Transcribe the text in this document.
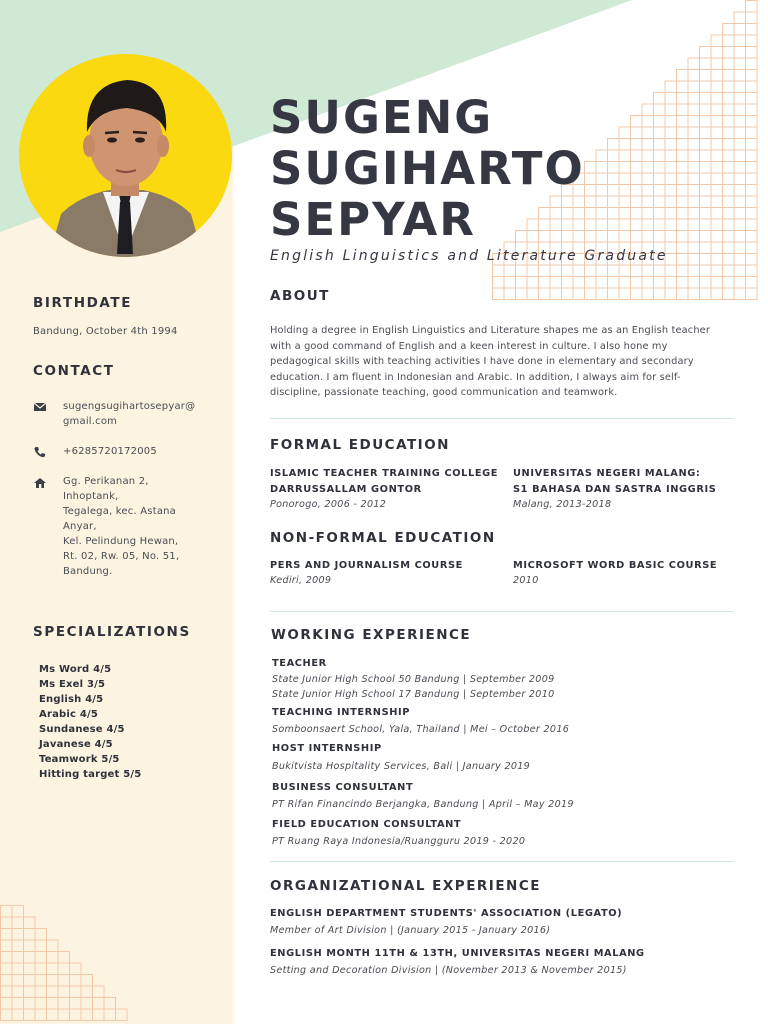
SUGENG
SUGIHARTO
SEPYAR
English Linguistics and Literature Graduate
BIRTHDATE
Bandung, October 4th 1994
CONTACT
sugengsugihartosepyar@
gmail.com
+6285720172005
Gg. Perikanan 2,
Inhoptank,
Tegalega, kec. Astana
Anyar,
Kel. Pelindung Hewan,
Rt. 02, Rw. 05, No. 51,
Bandung.
SPECIALIZATIONS
Ms Word 4/5
Ms Exel 3/5
English 4/5
Arabic 4/5
Sundanese 4/5
Javanese 4/5
Teamwork 5/5
Hitting target 5/5
ABOUT
Holding a degree in English Linguistics and Literature shapes me as an English teacher
with a good command of English and a keen interest in culture. I also hone my
pedagogical skills with teaching activities I have done in elementary and secondary
education. I am fluent in Indonesian and Arabic. In addition, I always aim for self-
discipline, passionate teaching, good communication and teamwork.
FORMAL EDUCATION
ISLAMIC TEACHER TRAINING COLLEGE
DARRUSSALLAM GONTOR
Ponorogo, 2006 - 2012
UNIVERSITAS NEGERI MALANG:
S1 BAHASA DAN SASTRA INGGRIS
Malang, 2013-2018
NON-FORMAL EDUCATION
PERS AND JOURNALISM COURSE
Kediri, 2009
MICROSOFT WORD BASIC COURSE
2010
WORKING EXPERIENCE
TEACHER
State Junior High School 50 Bandung | September 2009
State Junior High School 17 Bandung | September 2010
TEACHING INTERNSHIP
Somboonsaert School, Yala, Thailand | Mei – October 2016
HOST INTERNSHIP
Bukitvista Hospitality Services, Bali | January 2019
BUSINESS CONSULTANT
PT Rifan Financindo Berjangka, Bandung | April – May 2019
FIELD EDUCATION CONSULTANT
PT Ruang Raya Indonesia/Ruangguru 2019 - 2020
ORGANIZATIONAL EXPERIENCE
ENGLISH DEPARTMENT STUDENTS' ASSOCIATION (LEGATO)
Member of Art Division | (January 2015 - January 2016)
ENGLISH MONTH 11TH & 13TH, UNIVERSITAS NEGERI MALANG
Setting and Decoration Division | (November 2013 & November 2015)
